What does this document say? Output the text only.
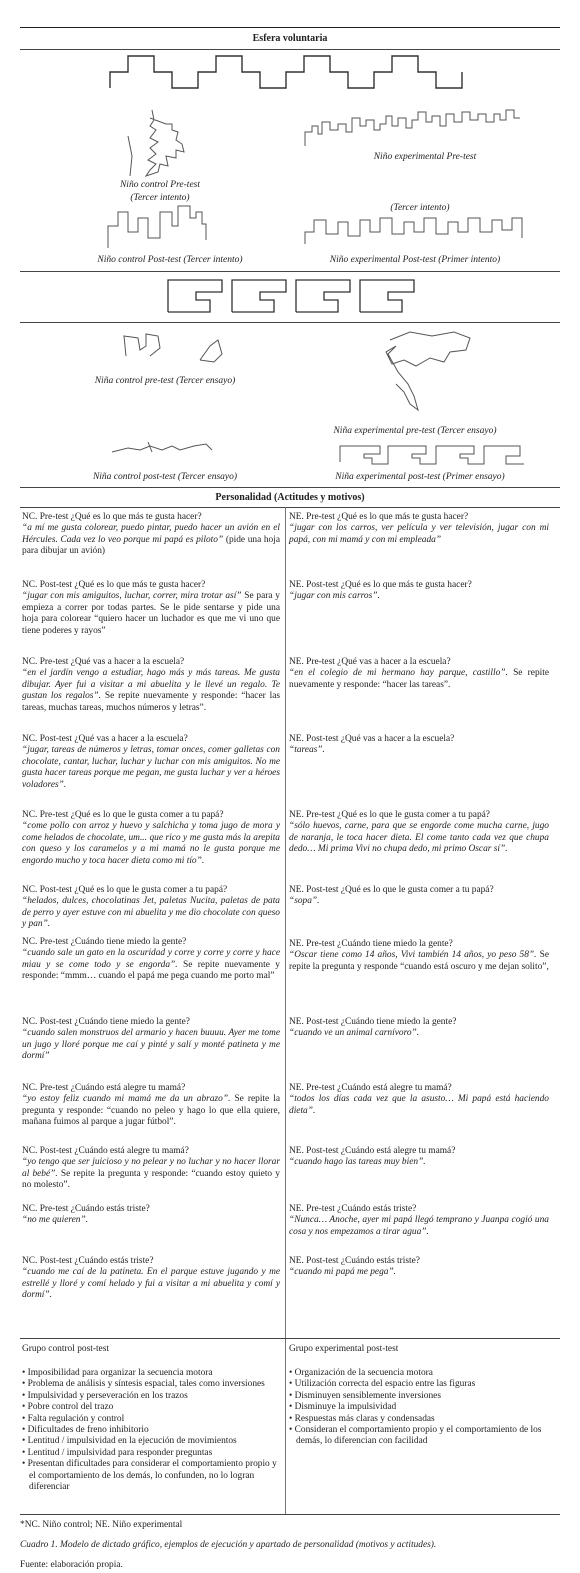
Esfera voluntaria
Niño control Pre-test
(Tercer intento)
Niño experimental Pre-test
Niño control Post-test (Tercer intento)
(Tercer intento)
Niño experimental Post-test (Primer intento)
Niña control pre-test (Tercer ensayo)
Niña experimental pre-test (Tercer ensayo)
Niña control post-test (Tercer ensayo)	Niña experimental post-test (Primer ensayo)
Personalidad (Actitudes y motivos)
NC. Pre-test ¿Qué es lo que más te gusta hacer?
“a mí me gusta colorear, puedo pintar, puedo hacer un avión en el Hércules. Cada vez lo veo porque mi papá es piloto” (pide una hoja para dibujar un avión)
NE. Pre-test ¿Qué es lo que más te gusta hacer?
“jugar con los carros, ver película y ver televisión, jugar con mi papá, con mi mamá y con mi empleada”
NC. Post-test ¿Qué es lo que más te gusta hacer?
“jugar con mis amiguitos, luchar, correr, mira trotar así” Se para y empieza a correr por todas partes. Se le pide sentarse y pide una hoja para colorear “quiero hacer un luchador es que me vi uno que tiene poderes y rayos”
NE. Post-test ¿Qué es lo que más te gusta hacer?
“jugar con mis carros”.
NC. Pre-test ¿Qué vas a hacer a la escuela?
“en el jardín vengo a estudiar, hago más y más tareas. Me gusta dibujar. Ayer fui a visitar a mi abuelita y le llevé un regalo. Te gustan los regalos”. Se repite nuevamente y responde: “hacer las tareas, muchas tareas, muchos números y letras”.
NE. Pre-test ¿Qué vas a hacer a la escuela?
“en el colegio de mi hermano hay parque, castillo”. Se repite nuevamente y responde: “hacer las tareas”.
NC. Post-test ¿Qué vas a hacer a la escuela?
“jugar, tareas de números y letras, tomar onces, comer galletas con chocolate, cantar, luchar, luchar y luchar con mis amiguitos. No me gusta hacer tareas porque me pegan, me gusta luchar y ver a héroes voladores”.
NE. Post-test ¿Qué vas a hacer a la escuela?
“tareas”.
NC. Pre-test ¿Qué es lo que le gusta comer a tu papá?
“come pollo con arroz y huevo y salchicha y toma jugo de mora y come helados de chocolate, um... que rico y me gusta más la arepita con queso y los caramelos y a mi mamá no le gusta porque me engordo mucho y toca hacer dieta como mi tío”.
NE. Pre-test ¿Qué es lo que le gusta comer a tu papá?
“sólo huevos, carne, para que se engorde come mucha carne, jugo de naranja, le toca hacer dieta. El come tanto cada vez que chupa dedo… Mi prima Vivi no chupa dedo, mi primo Oscar sí”.
NC. Post-test ¿Qué es lo que le gusta comer a tu papá?
“helados, dulces, chocolatinas Jet, paletas Nucita, paletas de pata de perro y ayer estuve con mi abuelita y me dio chocolate con queso y pan”.
NE. Post-test ¿Qué es lo que le gusta comer a tu papá?
“sopa”.
NC. Pre-test ¿Cuándo tiene miedo la gente?
“cuando sale un gato en la oscuridad y corre y corre y corre y hace miau y se come todo y se engorda”. Se repite nuevamente y responde: “mmm… cuando el papá me pega cuando me porto mal”
NE. Pre-test ¿Cuándo tiene miedo la gente?
“Oscar tiene como 14 años, Vivi también 14 años, yo peso 58”. Se repite la pregunta y responde “cuando está oscuro y me dejan solito”,
NC. Post-test ¿Cuándo tiene miedo la gente?
“cuando salen monstruos del armario y hacen buuuu. Ayer me tome un jugo y lloré porque me caí y pinté y salí y monté patineta y me dormí”
NE. Post-test ¿Cuándo tiene miedo la gente?
“cuando ve un animal carnívoro”.
NC. Pre-test ¿Cuándo está alegre tu mamá?
“yo estoy feliz cuando mi mamá me da un abrazo”. Se repite la pregunta y responde: “cuando no peleo y hago lo que ella quiere, mañana fuimos al parque a jugar fútbol”.
NE. Pre-test ¿Cuándo está alegre tu mamá?
“todos los días cada vez que la asusto… Mi papá está haciendo dieta”.
NC. Post-test ¿Cuándo está alegre tu mamá?
“yo tengo que ser juicioso y no pelear y no luchar y no hacer llorar al bebé”. Se repite la pregunta y responde: “cuando estoy quieto y no molesto”.
NE. Post-test ¿Cuándo está alegre tu mamá?
“cuando hago las tareas muy bien”.
NC. Pre-test ¿Cuándo estás triste?
“no me quieren”.
NE. Pre-test ¿Cuándo estás triste?
“Nunca… Anoche, ayer mi papá llegó temprano y Juanpa cogió una cosa y nos empezamos a tirar agua”.
NC. Post-test ¿Cuándo estás triste?
“cuando me caí de la patineta. En el parque estuve jugando y me estrellé y lloré y comí helado y fui a visitar a mi abuelita y comí y dormí”.
NE. Post-test ¿Cuándo estás triste?
“cuando mi papá me pega”.
Grupo control post-test	Grupo experimental post-test
• Imposibilidad para organizar la secuencia motora
• Problema de análisis y síntesis espacial, tales como inversiones
• Impulsividad y perseveración en los trazos
• Pobre control del trazo
• Falta regulación y control
• Dificultades de freno inhibitorio
• Lentitud / impulsividad en la ejecución de movimientos
• Lentitud / impulsividad para responder preguntas
• Presentan dificultades para considerar el comportamiento propio y el comportamiento de los demás, lo confunden, no lo logran diferenciar
• Organización de la secuencia motora
• Utilización correcta del espacio entre las figuras
• Disminuyen sensiblemente inversiones
• Disminuye la impulsividad
• Respuestas más claras y condensadas
• Consideran el comportamiento propio y el comportamiento de los demás, lo diferencian con facilidad
*NC. Niño control; NE. Niño experimental
Cuadro 1. Modelo de dictado gráfico, ejemplos de ejecución y apartado de personalidad (motivos y actitudes).
Fuente: elaboración propia.
